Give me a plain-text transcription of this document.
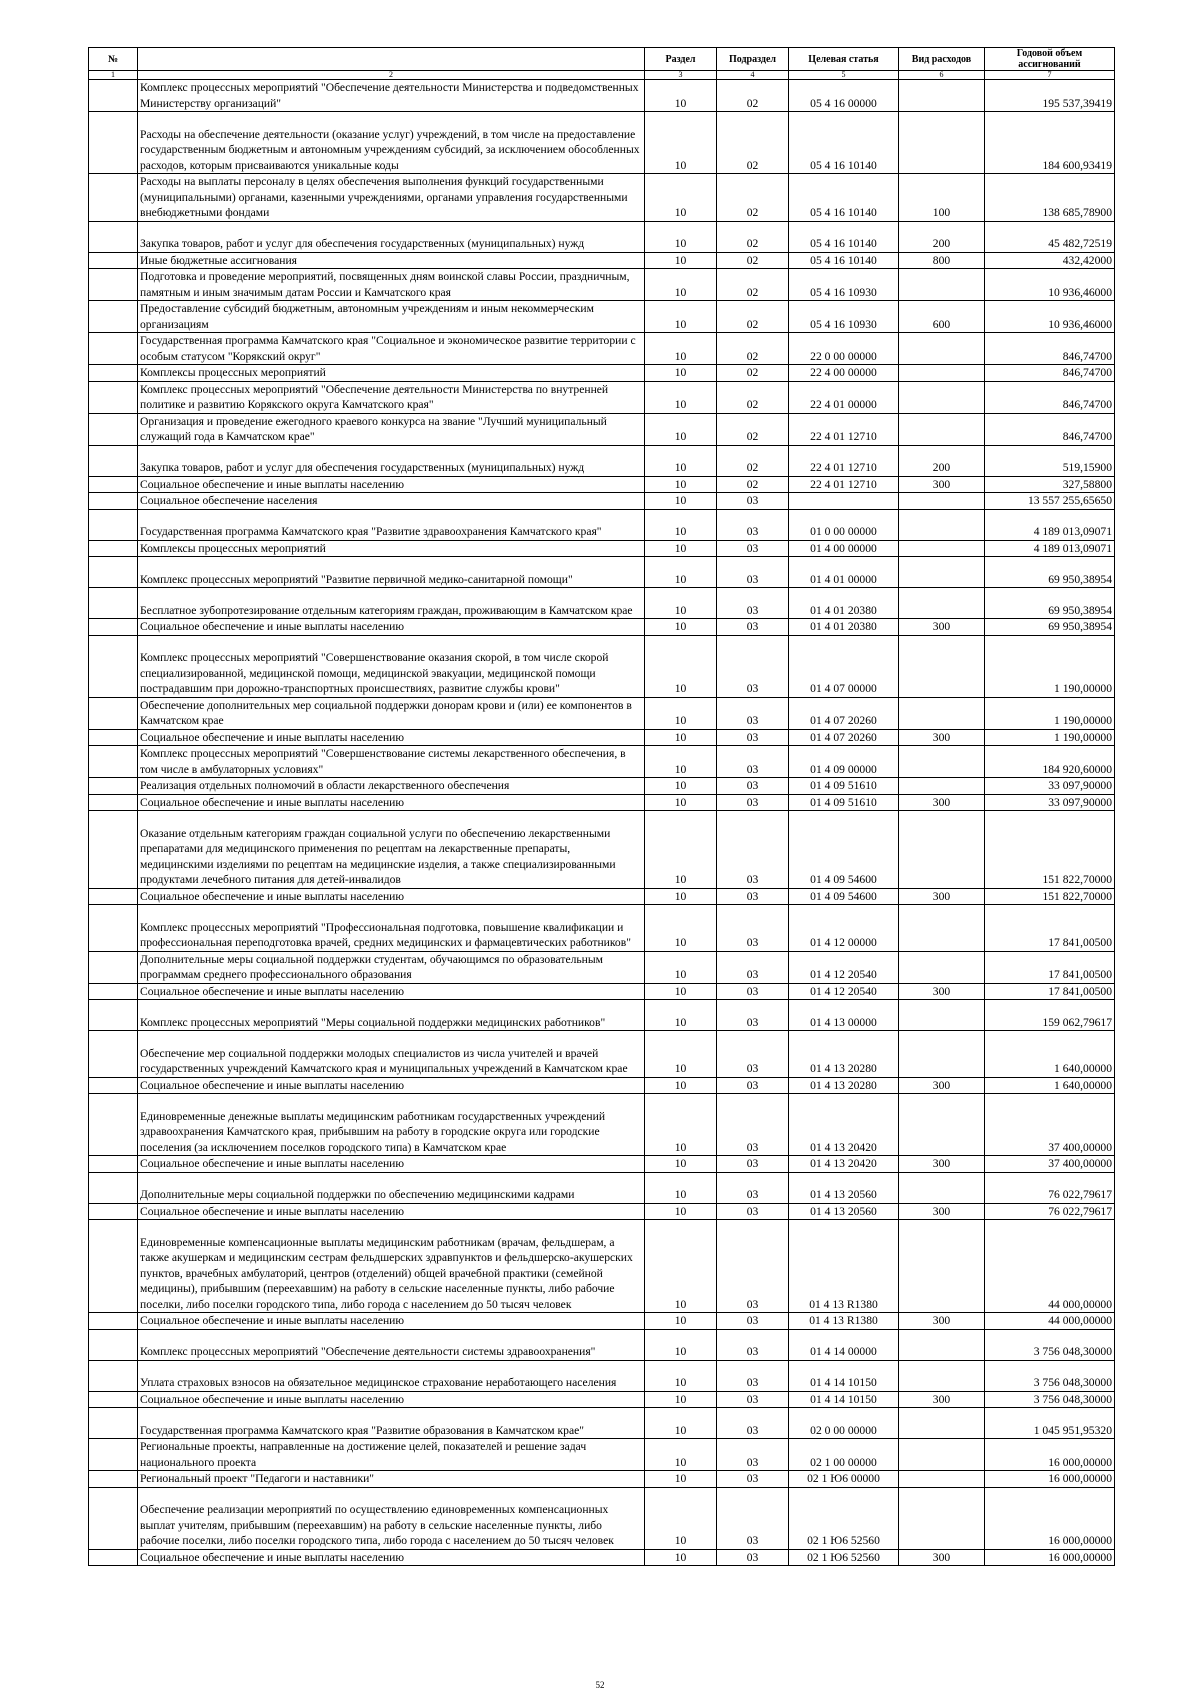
№		Раздел	Подраздел	Целевая статья	Вид расходов	Годовой объем ассигнований
1	2	3	4	5	6	7
	Комплекс процессных мероприятий "Обеспечение деятельности Министерства и подведомственных Министерству организаций"	10	02	05 4 16 00000		195 537,39419
	Расходы на обеспечение деятельности (оказание услуг) учреждений, в том числе на предоставление государственным бюджетным и автономным учреждениям субсидий, за исключением обособленных расходов, которым присваиваются уникальные коды	10	02	05 4 16 10140		184 600,93419
	Расходы на выплаты персоналу в целях обеспечения выполнения функций государственными (муниципальными) органами, казенными учреждениями, органами управления государственными внебюджетными фондами	10	02	05 4 16 10140	100	138 685,78900
	Закупка товаров, работ и услуг для обеспечения государственных (муниципальных) нужд	10	02	05 4 16 10140	200	45 482,72519
	Иные бюджетные ассигнования	10	02	05 4 16 10140	800	432,42000
	Подготовка и проведение мероприятий, посвященных дням воинской славы России, праздничным, памятным и иным значимым датам России и Камчатского края	10	02	05 4 16 10930		10 936,46000
	Предоставление субсидий бюджетным, автономным учреждениям и иным некоммерческим организациям	10	02	05 4 16 10930	600	10 936,46000
	Государственная программа Камчатского края "Социальное и экономическое развитие территории с особым статусом "Корякский округ"	10	02	22 0 00 00000		846,74700
	Комплексы процессных мероприятий	10	02	22 4 00 00000		846,74700
	Комплекс процессных мероприятий "Обеспечение деятельности Министерства по внутренней политике и развитию Корякского округа Камчатского края"	10	02	22 4 01 00000		846,74700
	Организация и проведение ежегодного краевого конкурса на звание "Лучший муниципальный служащий года в Камчатском крае"	10	02	22 4 01 12710		846,74700
	Закупка товаров, работ и услуг для обеспечения государственных (муниципальных) нужд	10	02	22 4 01 12710	200	519,15900
	Социальное обеспечение и иные выплаты населению	10	02	22 4 01 12710	300	327,58800
	Социальное обеспечение населения	10	03			13 557 255,65650
	Государственная программа Камчатского края "Развитие здравоохранения Камчатского края"	10	03	01 0 00 00000		4 189 013,09071
	Комплексы процессных мероприятий	10	03	01 4 00 00000		4 189 013,09071
	Комплекс процессных мероприятий "Развитие первичной медико-санитарной помощи"	10	03	01 4 01 00000		69 950,38954
	Бесплатное зубопротезирование отдельным категориям граждан, проживающим в Камчатском крае	10	03	01 4 01 20380		69 950,38954
	Социальное обеспечение и иные выплаты населению	10	03	01 4 01 20380	300	69 950,38954
	Комплекс процессных мероприятий "Совершенствование оказания скорой, в том числе скорой специализированной, медицинской помощи, медицинской эвакуации, медицинской помощи пострадавшим при дорожно-транспортных происшествиях, развитие службы крови"	10	03	01 4 07 00000		1 190,00000
	Обеспечение дополнительных мер социальной поддержки донорам крови и (или) ее компонентов в Камчатском крае	10	03	01 4 07 20260		1 190,00000
	Социальное обеспечение и иные выплаты населению	10	03	01 4 07 20260	300	1 190,00000
	Комплекс процессных мероприятий "Совершенствование системы лекарственного обеспечения, в том числе в амбулаторных условиях"	10	03	01 4 09 00000		184 920,60000
	Реализация отдельных полномочий в области лекарственного обеспечения	10	03	01 4 09 51610		33 097,90000
	Социальное обеспечение и иные выплаты населению	10	03	01 4 09 51610	300	33 097,90000
	Оказание отдельным категориям граждан социальной услуги по обеспечению лекарственными препаратами для медицинского применения по рецептам на лекарственные препараты, медицинскими изделиями по рецептам на медицинские изделия, а также специализированными продуктами лечебного питания для детей-инвалидов	10	03	01 4 09 54600		151 822,70000
	Социальное обеспечение и иные выплаты населению	10	03	01 4 09 54600	300	151 822,70000
	Комплекс процессных мероприятий "Профессиональная подготовка, повышение квалификации и профессиональная переподготовка врачей, средних медицинских и фармацевтических работников"	10	03	01 4 12 00000		17 841,00500
	Дополнительные меры социальной поддержки студентам, обучающимся по образовательным программам среднего профессионального образования	10	03	01 4 12 20540		17 841,00500
	Социальное обеспечение и иные выплаты населению	10	03	01 4 12 20540	300	17 841,00500
	Комплекс процессных мероприятий "Меры социальной поддержки медицинских работников"	10	03	01 4 13 00000		159 062,79617
	Обеспечение мер социальной поддержки молодых специалистов из числа учителей и врачей государственных учреждений Камчатского края и муниципальных учреждений в Камчатском крае	10	03	01 4 13 20280		1 640,00000
	Социальное обеспечение и иные выплаты населению	10	03	01 4 13 20280	300	1 640,00000
	Единовременные денежные выплаты медицинским работникам государственных учреждений здравоохранения Камчатского края, прибывшим на работу в городские округа или городские поселения (за исключением поселков городского типа) в Камчатском крае	10	03	01 4 13 20420		37 400,00000
	Социальное обеспечение и иные выплаты населению	10	03	01 4 13 20420	300	37 400,00000
	Дополнительные меры социальной поддержки по обеспечению медицинскими кадрами	10	03	01 4 13 20560		76 022,79617
	Социальное обеспечение и иные выплаты населению	10	03	01 4 13 20560	300	76 022,79617
	Единовременные компенсационные выплаты медицинским работникам (врачам, фельдшерам, а также акушеркам и медицинским сестрам фельдшерских здравпунктов и фельдшерско-акушерских пунктов, врачебных амбулаторий, центров (отделений) общей врачебной практики (семейной медицины), прибывшим (переехавшим) на работу в сельские населенные пункты, либо рабочие поселки, либо поселки городского типа, либо города с населением до 50 тысяч человек	10	03	01 4 13 R1380		44 000,00000
	Социальное обеспечение и иные выплаты населению	10	03	01 4 13 R1380	300	44 000,00000
	Комплекс процессных мероприятий "Обеспечение деятельности системы здравоохранения"	10	03	01 4 14 00000		3 756 048,30000
	Уплата страховых взносов на обязательное медицинское страхование неработающего населения	10	03	01 4 14 10150		3 756 048,30000
	Социальное обеспечение и иные выплаты населению	10	03	01 4 14 10150	300	3 756 048,30000
	Государственная программа Камчатского края "Развитие образования в Камчатском крае"	10	03	02 0 00 00000		1 045 951,95320
	Региональные проекты, направленные на достижение целей, показателей и решение задач национального проекта	10	03	02 1 00 00000		16 000,00000
	Региональный проект "Педагоги и наставники"	10	03	02 1 Ю6 00000		16 000,00000
	Обеспечение реализации мероприятий по осуществлению единовременных компенсационных выплат учителям, прибывшим (переехавшим) на работу в сельские населенные пункты, либо рабочие поселки, либо поселки городского типа, либо города с населением до 50 тысяч человек	10	03	02 1 Ю6 52560		16 000,00000
	Социальное обеспечение и иные выплаты населению	10	03	02 1 Ю6 52560	300	16 000,00000
52
